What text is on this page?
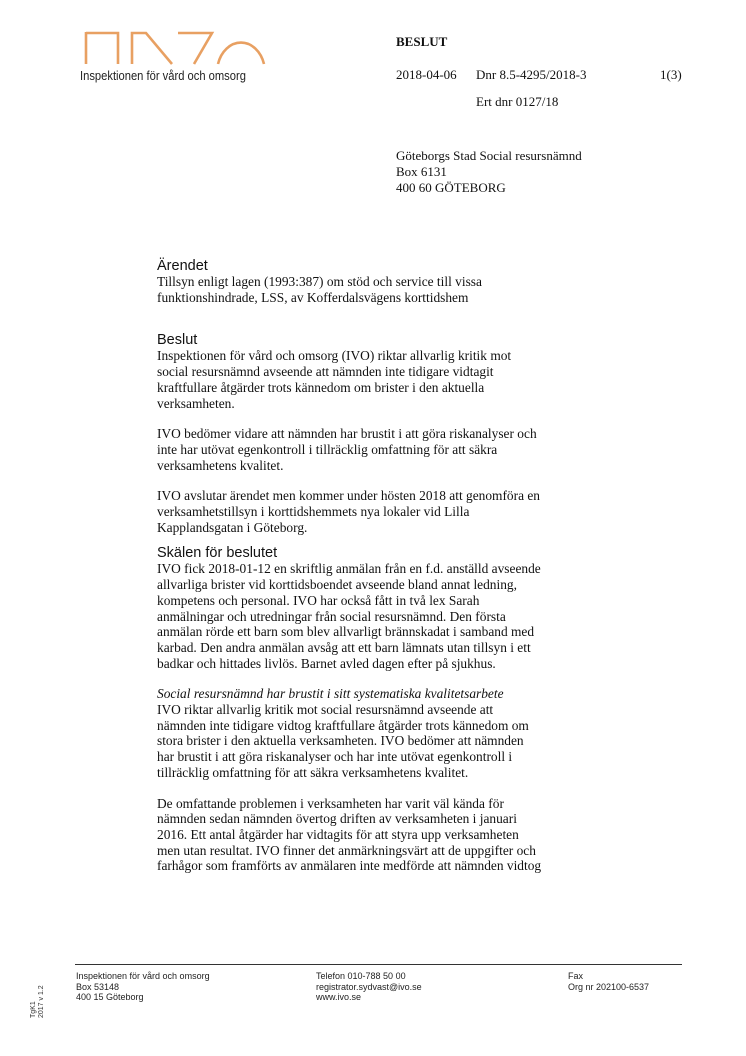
Inspektionen för vård och omsorg
BESLUT
2018-04-06 Dnr 8.5-4295/2018-3	1(3)
Ert dnr 0127/18
Göteborgs Stad Social resursnämnd
Box 6131
400 60 GÖTEBORG
Ärendet

Tillsyn enligt lagen (1993:387) om stöd och service till vissa
funktionshindrade, LSS, av Kofferdalsvägens korttidshem

Beslut

Inspektionen för vård och omsorg (IVO) riktar allvarlig kritik mot
social resursnämnd avseende att nämnden inte tidigare vidtagit
kraftfullare åtgärder trots kännedom om brister i den aktuella
verksamheten.

IVO bedömer vidare att nämnden har brustit i att göra riskanalyser och
inte har utövat egenkontroll i tillräcklig omfattning för att säkra
verksamhetens kvalitet.

IVO avslutar ärendet men kommer under hösten 2018 att genomföra en
verksamhetstillsyn i korttidshemmets nya lokaler vid Lilla
Kapplandsgatan i Göteborg.

Skälen för beslutet

IVO fick 2018-01-12 en skriftlig anmälan från en f.d. anställd avseende
allvarliga brister vid korttidsboendet avseende bland annat ledning,
kompetens och personal. IVO har också fått in två lex Sarah
anmälningar och utredningar från social resursnämnd. Den första
anmälan rörde ett barn som blev allvarligt brännskadat i samband med
karbad. Den andra anmälan avsåg att ett barn lämnats utan tillsyn i ett
badkar och hittades livlös. Barnet avled dagen efter på sjukhus.

Social resursnämnd har brustit i sitt systematiska kvalitetsarbete

IVO riktar allvarlig kritik mot social resursnämnd avseende att
nämnden inte tidigare vidtog kraftfullare åtgärder trots kännedom om
stora brister i den aktuella verksamheten. IVO bedömer att nämnden
har brustit i att göra riskanalyser och har inte utövat egenkontroll i
tillräcklig omfattning för att säkra verksamhetens kvalitet.

De omfattande problemen i verksamheten har varit väl kända för
nämnden sedan nämnden övertog driften av verksamheten i januari
2016. Ett antal åtgärder har vidtagits för att styra upp verksamheten
men utan resultat. IVO finner det anmärkningsvärt att de uppgifter och
farhågor som framförts av anmälaren inte medförde att nämnden vidtog

Inspektionen för vård och omsorg
Box 53148
400 15 Göteborg
Telefon 010-788 50 00
registrator.sydvast@ivo.se
www.ivo.se
Fax
Org nr 202100-6537
TgK1 2017 v 1.2
